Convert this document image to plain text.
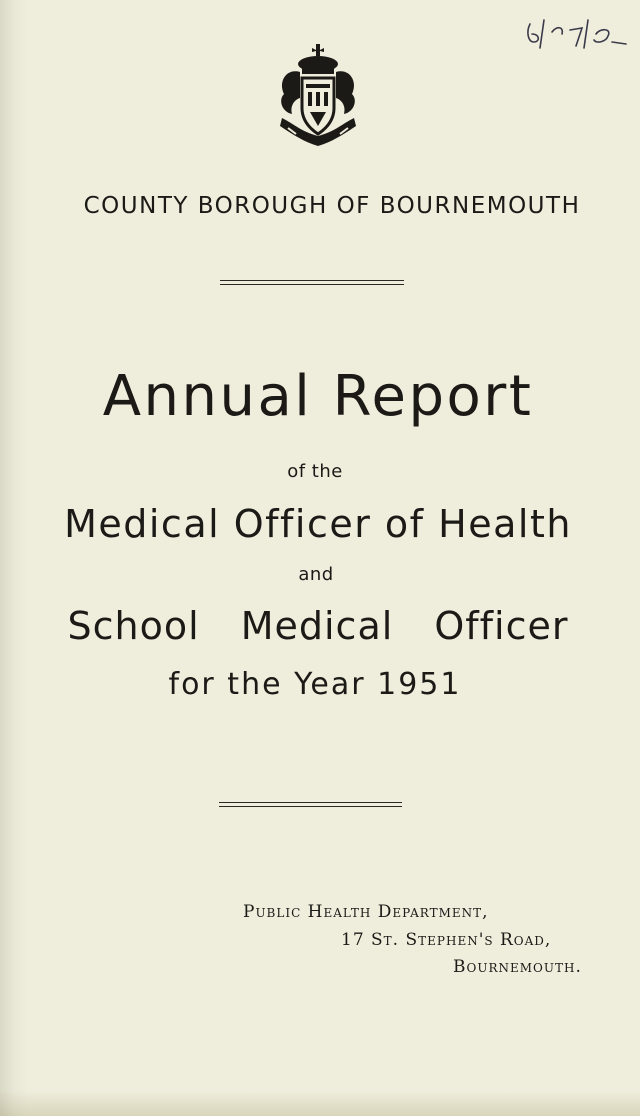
COUNTY BOROUGH OF BOURNEMOUTH

Annual Report

of the

Medical Officer of Health

and

School Medical Officer

for the Year 1951

Public Health Department,

17 St. Stephen's Road,

Bournemouth.
